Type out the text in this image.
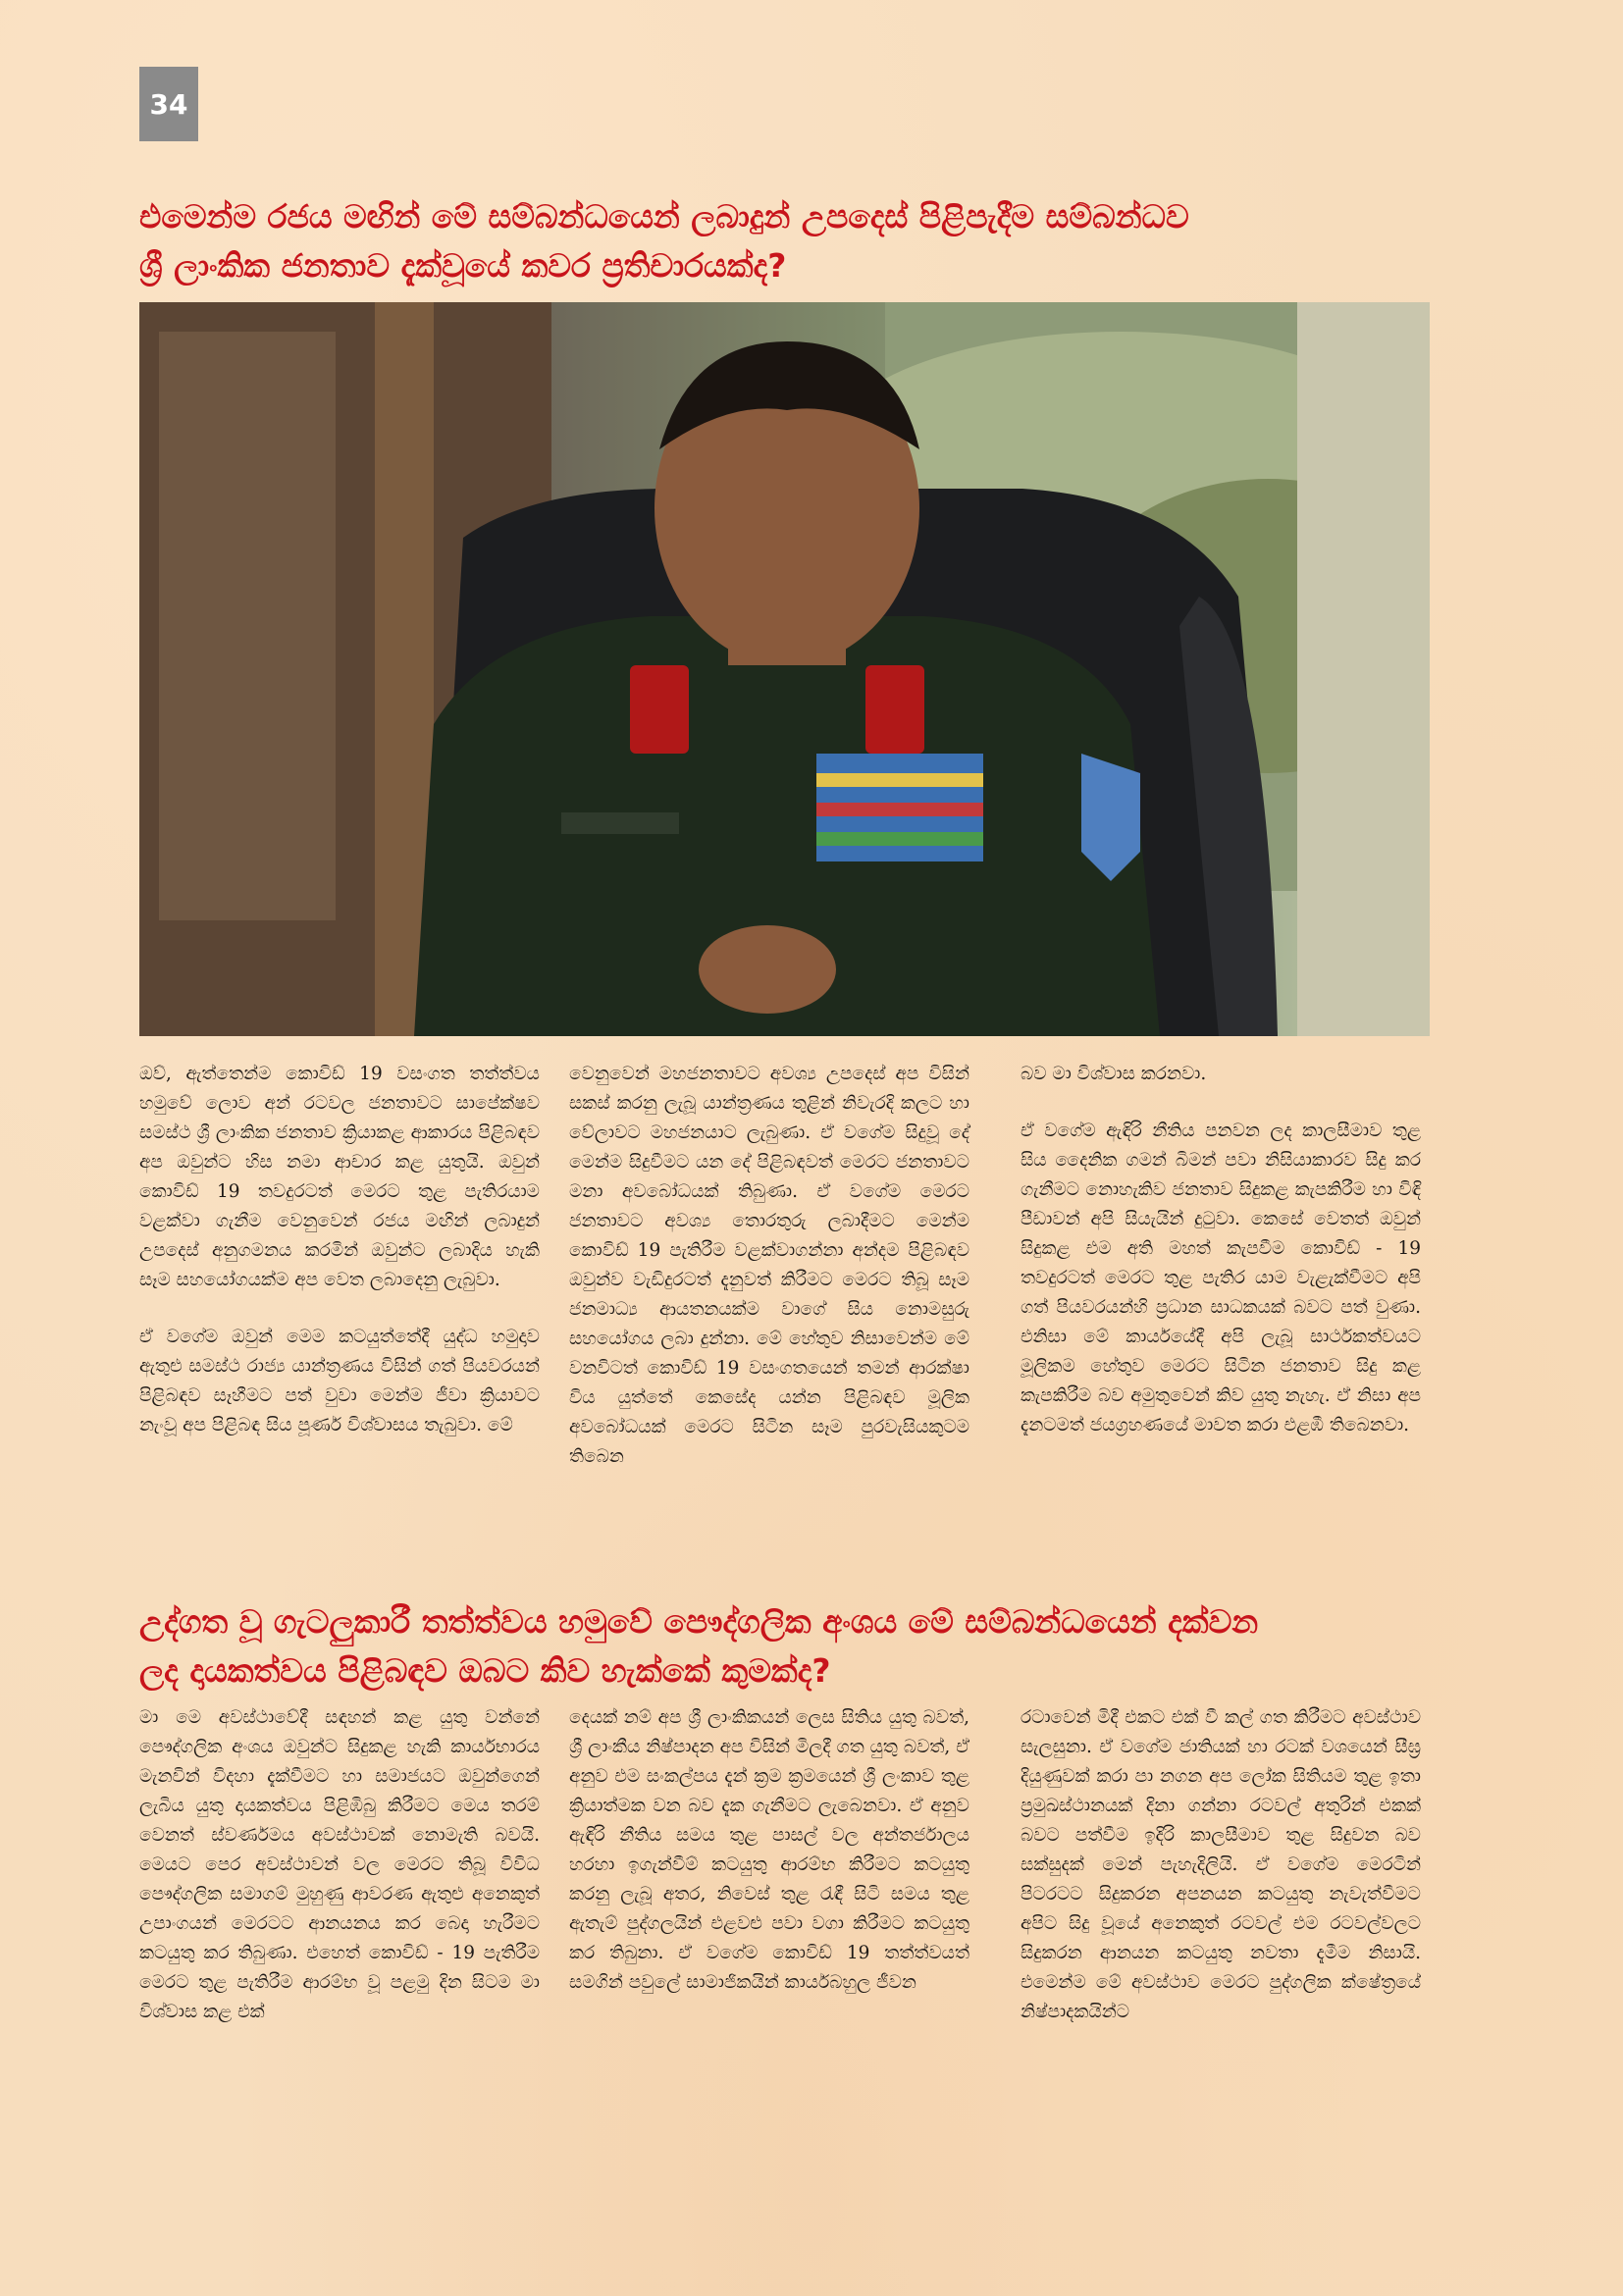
34
එමෙන්ම රජය මඟින් මේ සම්බන්ධයෙන් ලබාදුන් උපදෙස් පිළිපැදීම සම්බන්ධව
ශ්‍රී ලාංකික ජනතාව දැක්වූයේ කවර ප්‍රතිචාරයක්ද?

ඔව්, ඇත්තෙන්ම කොවිඩ් 19 වසංගත තත්ත්වය හමුවේ ලොව අන් රටවල ජනතාවට සාපේක්ෂව සමස්ථ ශ්‍රී ලාංකික ජනතාව ක්‍රියාකළ ආකාරය පිළිබඳව අප ඔවුන්ට හිස නමා ආචාර කළ යුතුයි. ඔවුන් කොවිඩ් 19 තවදුරටත් මෙරට තුළ පැතිරයාම වළක්වා ගැනීම වෙනුවෙන් රජය මඟින් ලබාදුන් උපදෙස් අනුගමනය කරමින් ඔවුන්ට ලබාදිය හැකි සෑම සහයෝගයක්ම අප වෙත ලබාදෙනු ලැබුවා.

ඒ වගේම ඔවුන් මෙම කටයුත්තේදී යුද්ධ හමුදාව ඇතුළු සමස්ථ රාජ්‍ය යාන්ත්‍රණය විසින් ගත් පියවරයන් පිළිබඳව සෑහීමට පත් වුවා මෙන්ම ජීවා ක්‍රියාවට නැංවූ අප පිළිබඳ සිය පූර්ණ විශ්වාසය තැබුවා. මේ

වෙනුවෙන් මහජනතාවට අවශ්‍ය උපදෙස් අප විසින් සකස් කරනු ලැබූ යාන්ත්‍රණය තුළින් නිවැරදි කලට හා වේලාවට මහජනයාට ලැබුණා. ඒ වගේම සිදුවූ දේ මෙන්ම සිදුවීමට යන දේ පිළිබඳවත් මෙරට ජනතාවට මනා අවබෝධයක් තිබුණා. ඒ වගේම මෙරට ජනතාවට අවශ්‍ය තොරතුරු ලබාදීමට මෙන්ම කොවිඩ් 19 පැතිරීම වළක්වාගන්නා අන්දම පිළිබඳව ඔවුන්ව වැඩිදුරටත් දැනුවත් කිරීමට මෙරට තිබූ සෑම ජනමාධ්‍ය ආයතනයක්ම වාගේ සිය නොමසුරු සහයෝගය ලබා දුන්නා. මේ හේතුව නිසාවෙන්ම මේ වනවිටත් කොවිඩ් 19 වසංගතයෙන් තමන් ආරක්ෂා විය යුත්තේ කෙසේද යන්න පිළිබඳව මූලික අවබෝධයක් මෙරට සිටින සෑම පුරවැසියකුටම තිබෙන

බව මා විශ්වාස කරනවා.

ඒ වගේම ඇඳිරි නීතිය පනවන ලද කාලසීමාව තුළ සිය දෛනික ගමන් බිමන් පවා නිසියාකාරව සිදු කර ගැනීමට නොහැකිව ජනතාව සිදුකළ කැපකිරීම හා විඳි පීඩාවන් අපි සියැයින් දුටුවා. කෙසේ වෙතත් ඔවුන් සිදුකළ එම අති මහත් කැපවීම කොවිඩ් - 19 තවදුරටත් මෙරට තුළ පැතිර යාම වැළැක්වීමට අපි ගත් පියවරයන්හි ප්‍රධාන සාධකයක් බවට පත් වුණා. එනිසා මේ කාර්යයේදී අපි ලැබූ සාර්ථකත්වයට මූලිකම හේතුව මෙරට සිටින ජනතාව සිදු කළ කැපකිරීම බව අමුතුවෙන් කිව යුතු නැහැ. ඒ නිසා අප දැනටමත් ජයග්‍රහණයේ මාවත කරා එළඹී තිබෙනවා.

උද්ගත වූ ගැටලුකාරී තත්ත්වය හමුවේ පෞද්ගලික අංශය මේ සම්බන්ධයෙන් දක්වන
ලද දායකත්වය පිළිබඳව ඔබට කිව හැක්කේ කුමක්ද?

මා මෙ අවස්ථාවේදී සඳහන් කළ යුතු වන්නේ පෞද්ගලික අංශය ඔවුන්ට සිදුකළ හැකි කාර්යභාරය මැනවින් විදහා දැක්වීමට හා සමාජයට ඔවුන්ගෙන් ලැබිය යුතු දායකත්වය පිළිඹිබු කිරීමට මෙය තරම් වෙනත් ස්වර්ණමය අවස්ථාවක් නොමැති බවයි. මෙයට පෙර අවස්ථාවන් වල මෙරට තිබූ විවිධ පෞද්ගලික සමාගම් මුහුණු ආවරණ ඇතුළු අනෙකුත් උපාංගයන් මෙරටට ආනයනය කර බෙදා හැරීමට කටයුතු කර තිබුණා. එහෙත් කොවිඩ් - 19 පැතිරීම මෙරට තුළ පැතිරීම ආරම්භ වූ පළමු දින සිටම මා විශ්වාස කළ එක්

දෙයක් නම් අප ශ්‍රී ලාංකිකයන් ලෙස සිතිය යුතු බවත්, ශ්‍රී ලාංකීය නිෂ්පාදන අප විසින් මිලදී ගත යුතු බවත්, ඒ අනුව එම සංකල්පය දැන් ක්‍රම ක්‍රමයෙන් ශ්‍රී ලංකාව තුළ ක්‍රියාත්මක වන බව දැක ගැනීමට ලැබෙනවා. ඒ අනුව ඇඳිරි නීතිය සමය තුළ පාසල් වල අන්තර්ජාලය හරහා ඉගැන්වීම් කටයුතු ආරම්භ කිරීමට කටයුතු කරනු ලැබූ අතර, නිවෙස් තුළ රැඳී සිටි සමය තුළ ඇතැම් පුද්ගලයින් එළවළු පවා වගා කිරීමට කටයුතු කර තිබුනා. ඒ වගේම කොවිඩ් 19 තත්ත්වයත් සමගින් පවුලේ සාමාජිකයින් කාර්යබහුල ජීවන

රටාවෙන් මිදී එකට එක් වී කල් ගත කිරීමට අවස්ථාව සැලසුනා. ඒ වගේම ජාතියක් හා රටක් වශයෙන් සීඝ්‍ර දියුණුවක් කරා පා නගන අප ලෝක සිතියම තුළ ඉතා ප්‍රමුඛස්ථානයක් දිනා ගන්නා රටවල් අතුරින් එකක් බවට පත්වීම ඉදිරි කාලසීමාව තුළ සිදුවන බව සක්සුදක් මෙන් පැහැදිලියි. ඒ වගේම මෙරටින් පිටරටට සිදුකරන අපනයන කටයුතු නැවැත්වීමට අපිට සිදු වූයේ අනෙකුත් රටවල් එම රටවල්වලට සිදුකරන ආනයන කටයුතු නවතා දැමීම නිසායි. එමෙන්ම මේ අවස්ථාව මෙරට පුද්ගලික ක්ෂේත්‍රයේ නිෂ්පාදකයින්ට
